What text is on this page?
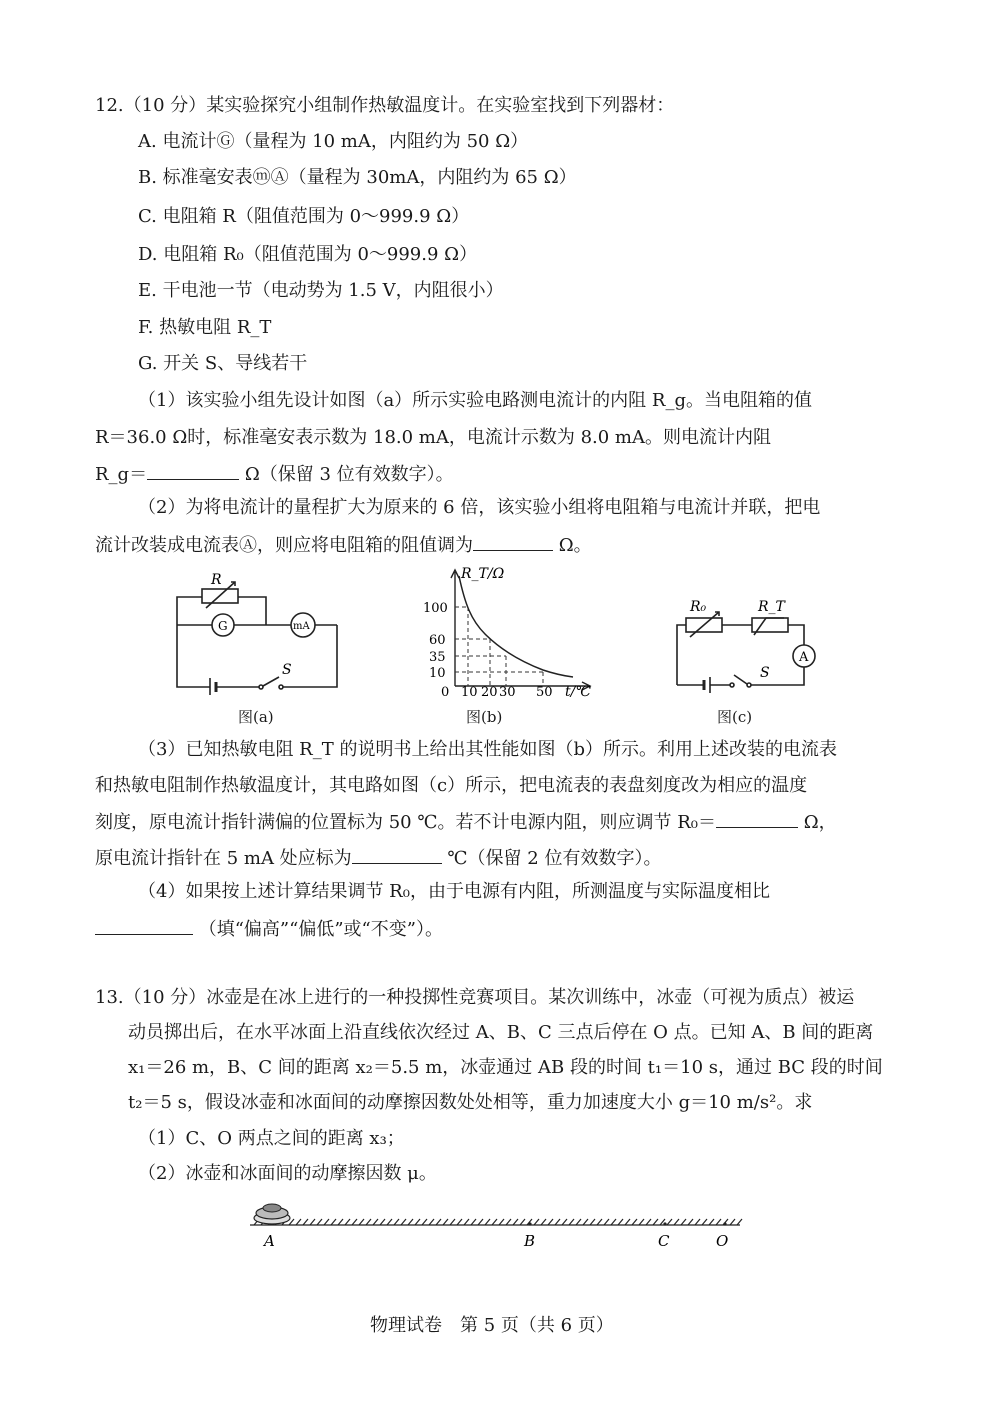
12.（10 分）某实验探究小组制作热敏温度计。在实验室找到下列器材：
A. 电流计Ⓖ（量程为 10 mA，内阻约为 50 Ω）
B. 标准毫安表ⓜⒶ（量程为 30mA，内阻约为 65 Ω）
C. 电阻箱 R（阻值范围为 0～999.9 Ω）
D. 电阻箱 R₀（阻值范围为 0～999.9 Ω）
E. 干电池一节（电动势为 1.5 V，内阻很小）
F. 热敏电阻 R_T
G. 开关 S、导线若干
（1）该实验小组先设计如图（a）所示实验电路测电流计的内阻 R_g。当电阻箱的值
R＝36.0 Ω时，标准毫安表示数为 18.0 mA，电流计示数为 8.0 mA。则电流计内阻
R_g＝	Ω（保留 3 位有效数字）。
（2）为将电流计的量程扩大为原来的 6 倍，该实验小组将电阻箱与电流计并联，把电
流计改装成电流表Ⓐ，则应将电阻箱的阻值调为	Ω。
R
G	mA
S
图(a)
R_T/Ω
100
60
35
10
0 10 20 30 50 t/℃
图(b)
R₀	R_T
A
S
图(c)
（3）已知热敏电阻 R_T 的说明书上给出其性能如图（b）所示。利用上述改装的电流表
和热敏电阻制作热敏温度计，其电路如图（c）所示，把电流表的表盘刻度改为相应的温度
刻度，原电流计指针满偏的位置标为 50 ℃。若不计电源内阻，则应调节 R₀＝	Ω，
原电流计指针在 5 mA 处应标为	℃（保留 2 位有效数字）。
（4）如果按上述计算结果调节 R₀，由于电源有内阻，所测温度与实际温度相比
（填“偏高”“偏低”或“不变”）。
13.（10 分）冰壶是在冰上进行的一种投掷性竞赛项目。某次训练中，冰壶（可视为质点）被运
动员掷出后，在水平冰面上沿直线依次经过 A、B、C 三点后停在 O 点。已知 A、B 间的距离
x₁＝26 m，B、C 间的距离 x₂＝5.5 m，冰壶通过 AB 段的时间 t₁＝10 s，通过 BC 段的时间
t₂＝5 s，假设冰壶和冰面间的动摩擦因数处处相等，重力加速度大小 g＝10 m/s²。求
（1）C、O 两点之间的距离 x₃；
（2）冰壶和冰面间的动摩擦因数 μ。
A	B	C	O
物理试卷　第 5 页（共 6 页）
